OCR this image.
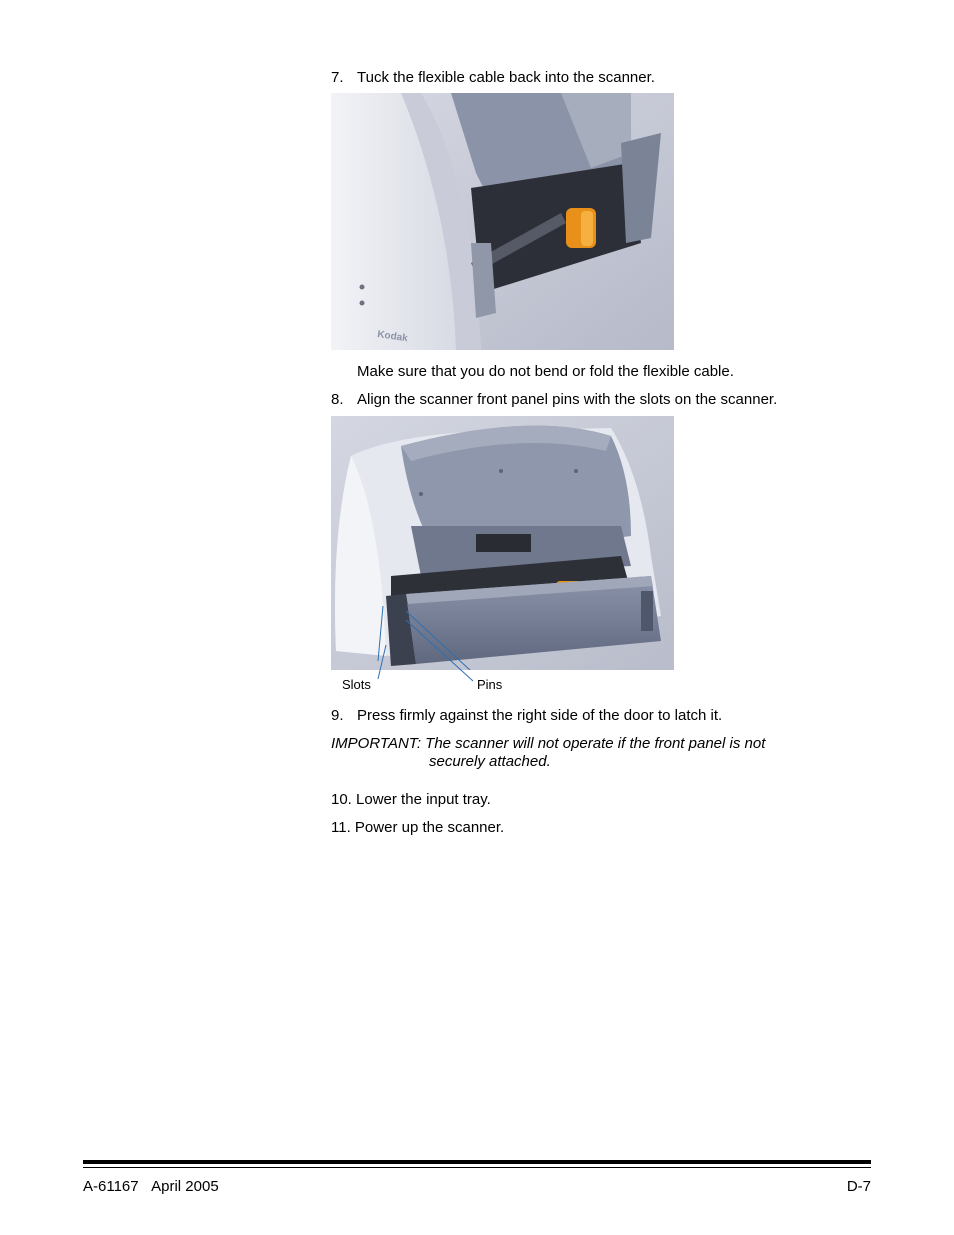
7. Tuck the flexible cable back into the scanner.
Kodak
Make sure that you do not bend or fold the flexible cable.
8. Align the scanner front panel pins with the slots on the scanner.
Slots	Pins
9. Press firmly against the right side of the door to latch it.
IMPORTANT: The scanner will not operate if the front panel is not
securely attached.
10. Lower the input tray.
11. Power up the scanner.
A-61167 April 2005	D-7
